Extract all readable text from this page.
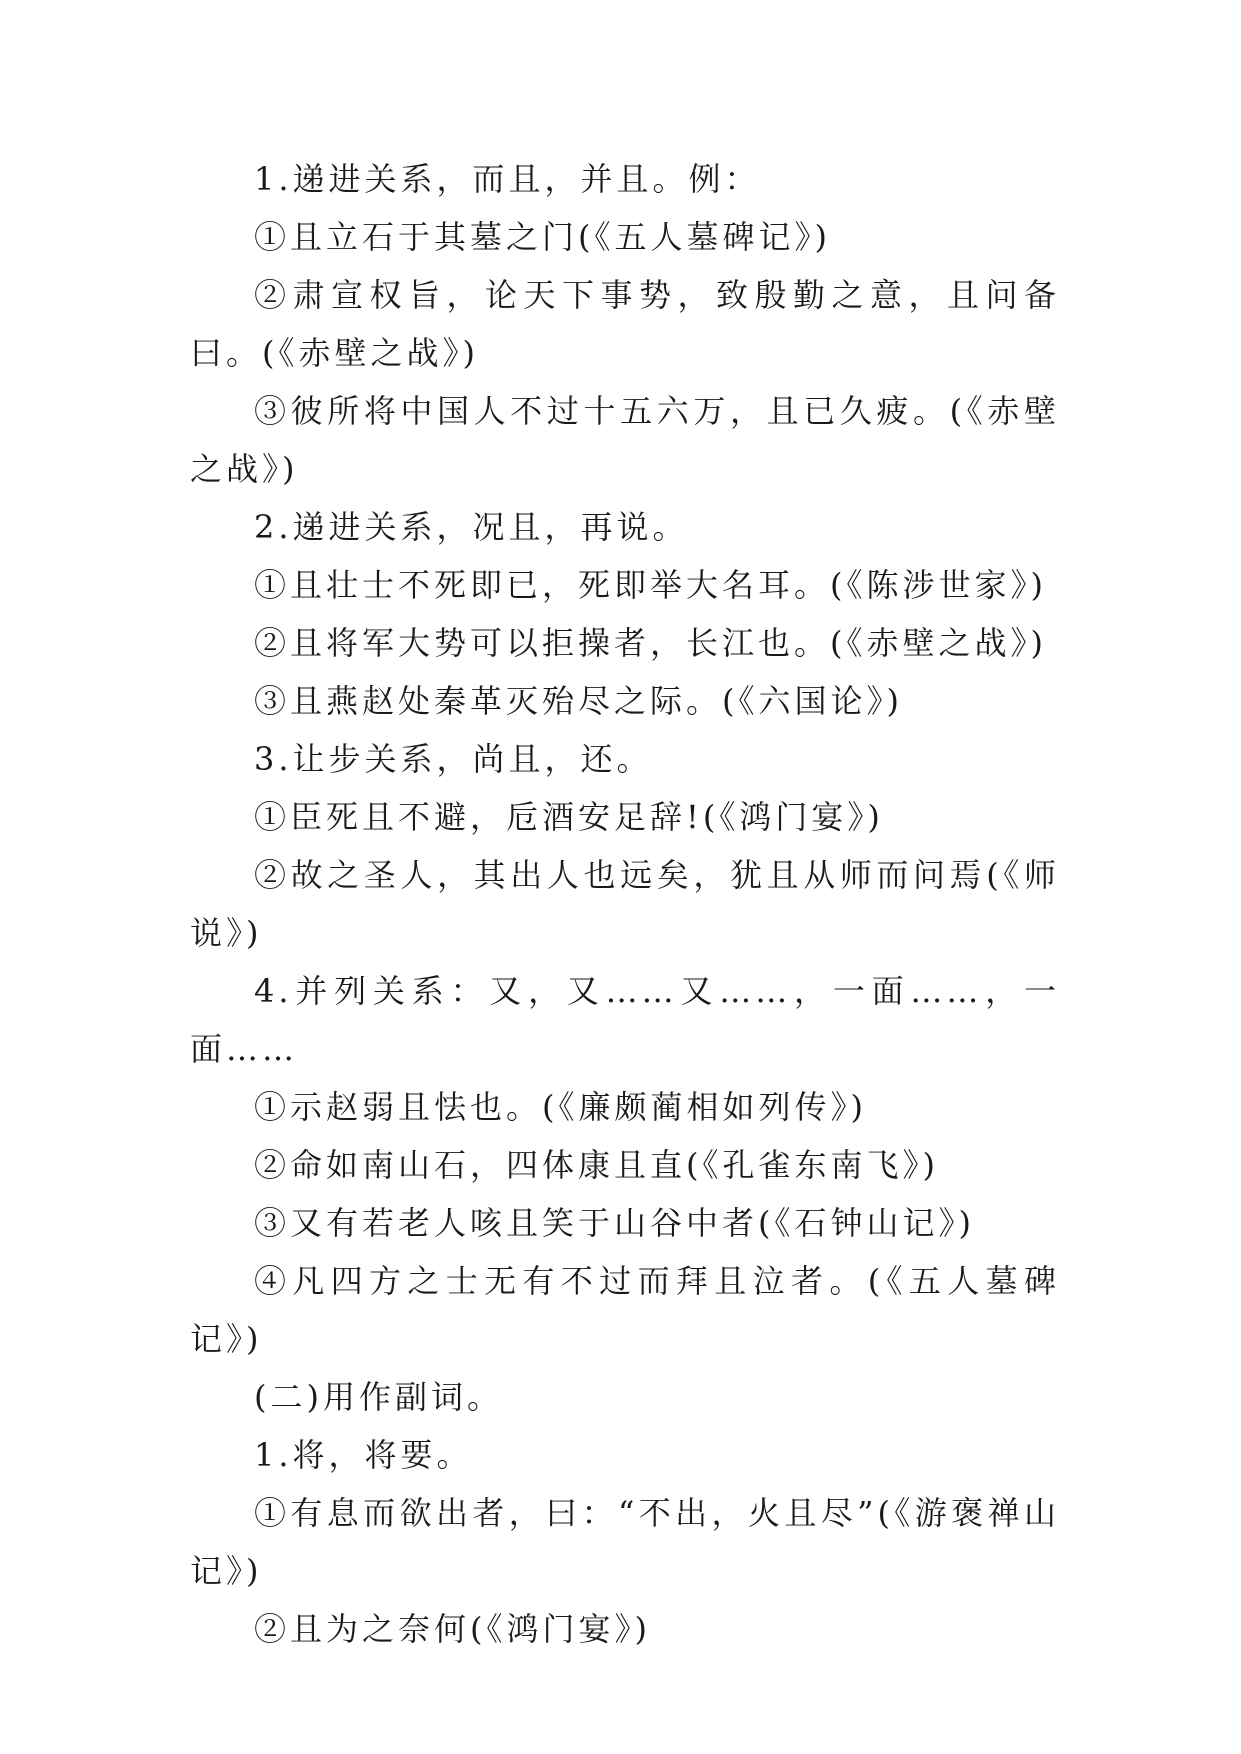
1.递进关系，而且，并且。例：

①且立石于其墓之门(《五人墓碑记》)

②肃宣权旨，论天下事势，致殷勤之意，且问备曰。(《赤壁之战》)

③彼所将中国人不过十五六万，且已久疲。(《赤壁之战》)

2.递进关系，况且，再说。

①且壮士不死即已，死即举大名耳。(《陈涉世家》)

②且将军大势可以拒操者，长江也。(《赤壁之战》)

③且燕赵处秦革灭殆尽之际。(《六国论》)

3.让步关系，尚且，还。

①臣死且不避，卮酒安足辞!(《鸿门宴》)

②故之圣人，其出人也远矣，犹且从师而问焉(《师说》)

4.并列关系：又，又……又……，一面……，一面……

①示赵弱且怯也。(《廉颇蔺相如列传》)

②命如南山石，四体康且直(《孔雀东南飞》)

③又有若老人咳且笑于山谷中者(《石钟山记》)

④凡四方之士无有不过而拜且泣者。(《五人墓碑记》)

(二)用作副词。

1.将，将要。

①有息而欲出者，曰：“不出，火且尽”(《游褒禅山记》)

②且为之奈何(《鸿门宴》)
